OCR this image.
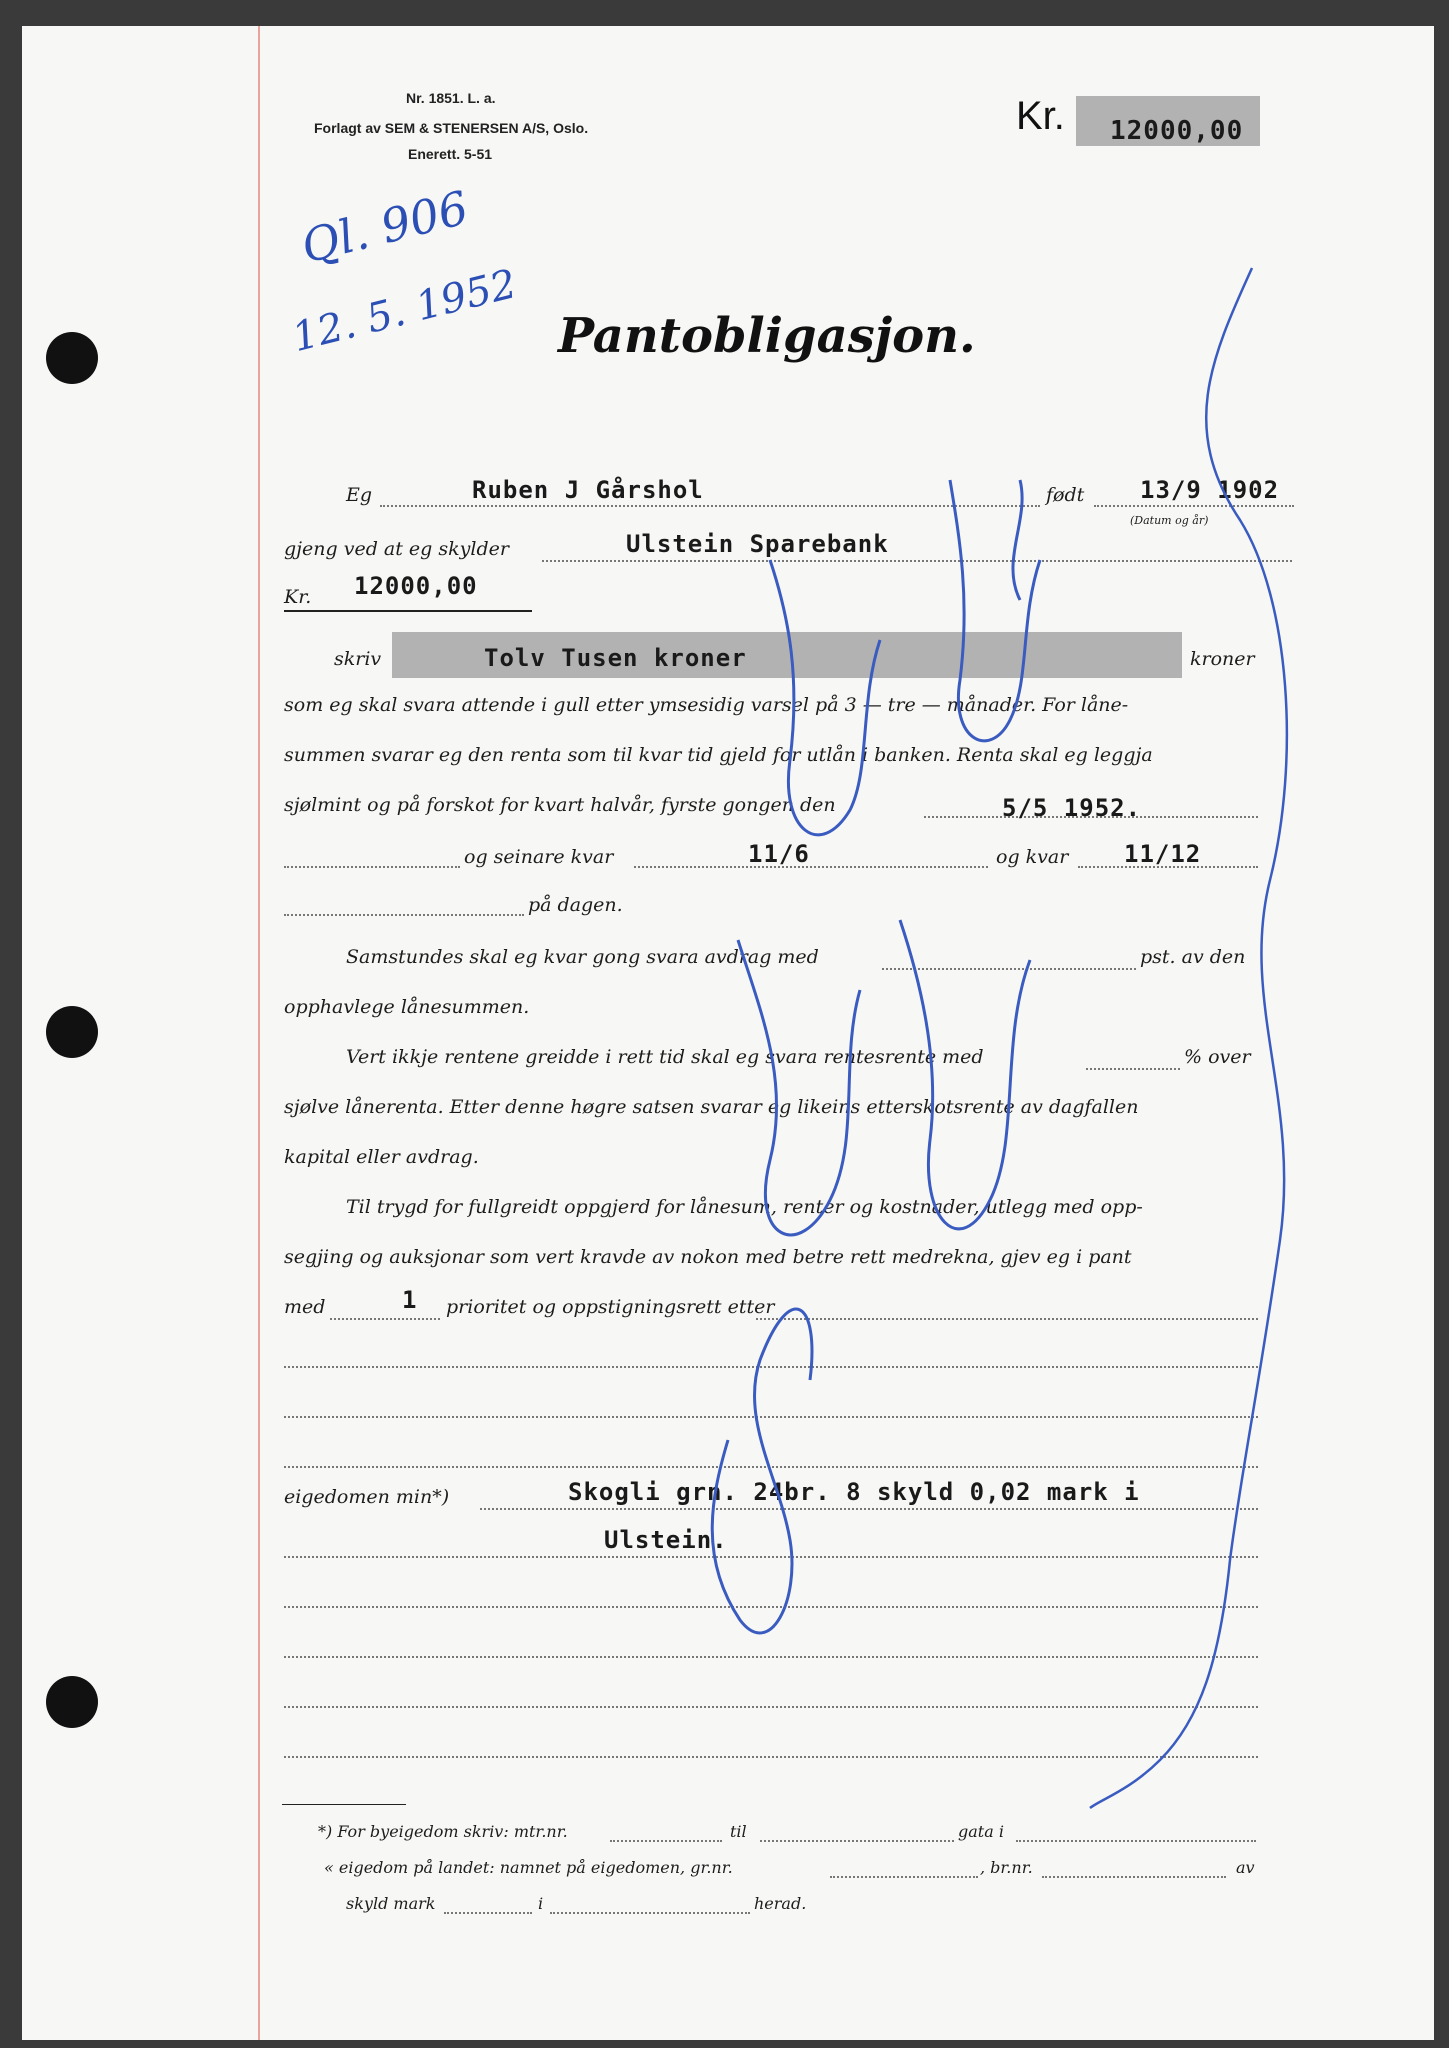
Nr. 1851. L. a.
Forlagt av SEM & STENERSEN A/S, Oslo.
Enerett. 5-51
Kr. 12000,00
Ql. 906
12. 5. 1952 Pantobligasjon.
Eg	Ruben J Gårshol	født 13/9 1902
(Datum og år)
gjeng ved at eg skylder	Ulstein Sparebank
Kr. 12000,00
skriv	Tolv Tusen kroner	kroner
som eg skal svara attende i gull etter ymsesidig varsel på 3 — tre — månader. For låne-
summen svarar eg den renta som til kvar tid gjeld for utlån i banken. Renta skal eg leggja
sjølmint og på forskot for kvart halvår, fyrste gongen den	5/5 1952.
og seinare kvar	11/6	og kvar 11/12
på dagen.
Samstundes skal eg kvar gong svara avdrag med	pst. av den
opphavlege lånesummen.
Vert ikkje rentene greidde i rett tid skal eg svara rentesrente med	% over
sjølve lånerenta. Etter denne høgre satsen svarar eg likeins etterskotsrente av dagfallen
kapital eller avdrag.
Til trygd for fullgreidt oppgjerd for lånesum, renter og kostnader, utlegg med opp-
segjing og auksjonar som vert kravde av nokon med betre rett medrekna, gjev eg i pant
med	1 prioritet og oppstigningsrett etter
eigedomen min*)	Skogli grn. 24br. 8 skyld 0,02 mark i
Ulstein.
*) For byeigedom skriv: mtr.nr.	til	gata i
« eigedom på landet: namnet på eigedomen, gr.nr.	, br.nr.	av
skyld mark	i	herad.
